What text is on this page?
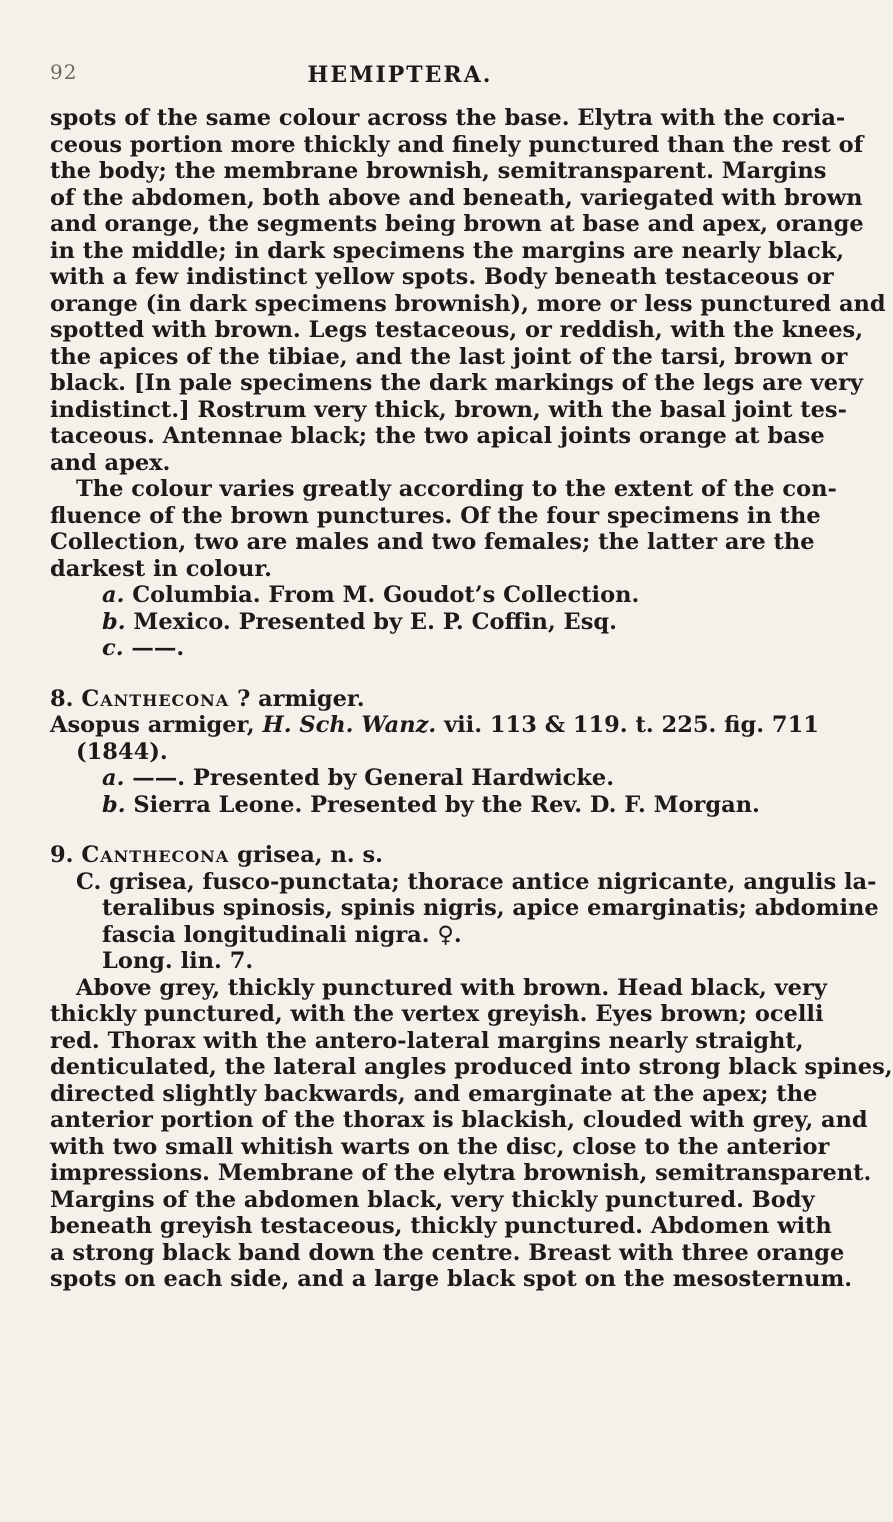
92	HEMIPTERA.
spots of the same colour across the base. Elytra with the coria-
ceous portion more thickly and finely punctured than the rest of
the body; the membrane brownish, semitransparent. Margins
of the abdomen, both above and beneath, variegated with brown
and orange, the segments being brown at base and apex, orange
in the middle; in dark specimens the margins are nearly black,
with a few indistinct yellow spots. Body beneath testaceous or
orange (in dark specimens brownish), more or less punctured and
spotted with brown. Legs testaceous, or reddish, with the knees,
the apices of the tibiae, and the last joint of the tarsi, brown or
black. [In pale specimens the dark markings of the legs are very
indistinct.] Rostrum very thick, brown, with the basal joint tes-
taceous. Antennae black; the two apical joints orange at base
and apex.
The colour varies greatly according to the extent of the con-
fluence of the brown punctures. Of the four specimens in the
Collection, two are males and two females; the latter are the
darkest in colour.
a. Columbia. From M. Goudot’s Collection.
b. Mexico. Presented by E. P. Coffin, Esq.
c. ——.
8. Canthecona ? armiger.
Asopus armiger, H. Sch. Wanz. vii. 113 & 119. t. 225. fig. 711
(1844).
a. ——. Presented by General Hardwicke.
b. Sierra Leone. Presented by the Rev. D. F. Morgan.
9. Canthecona grisea, n. s.
C. grisea, fusco-punctata; thorace antice nigricante, angulis la-
teralibus spinosis, spinis nigris, apice emarginatis; abdomine
fascia longitudinali nigra. ♀.
Long. lin. 7.
Above grey, thickly punctured with brown. Head black, very
thickly punctured, with the vertex greyish. Eyes brown; ocelli
red. Thorax with the antero-lateral margins nearly straight,
denticulated, the lateral angles produced into strong black spines,
directed slightly backwards, and emarginate at the apex; the
anterior portion of the thorax is blackish, clouded with grey, and
with two small whitish warts on the disc, close to the anterior
impressions. Membrane of the elytra brownish, semitransparent.
Margins of the abdomen black, very thickly punctured. Body
beneath greyish testaceous, thickly punctured. Abdomen with
a strong black band down the centre. Breast with three orange
spots on each side, and a large black spot on the mesosternum.
